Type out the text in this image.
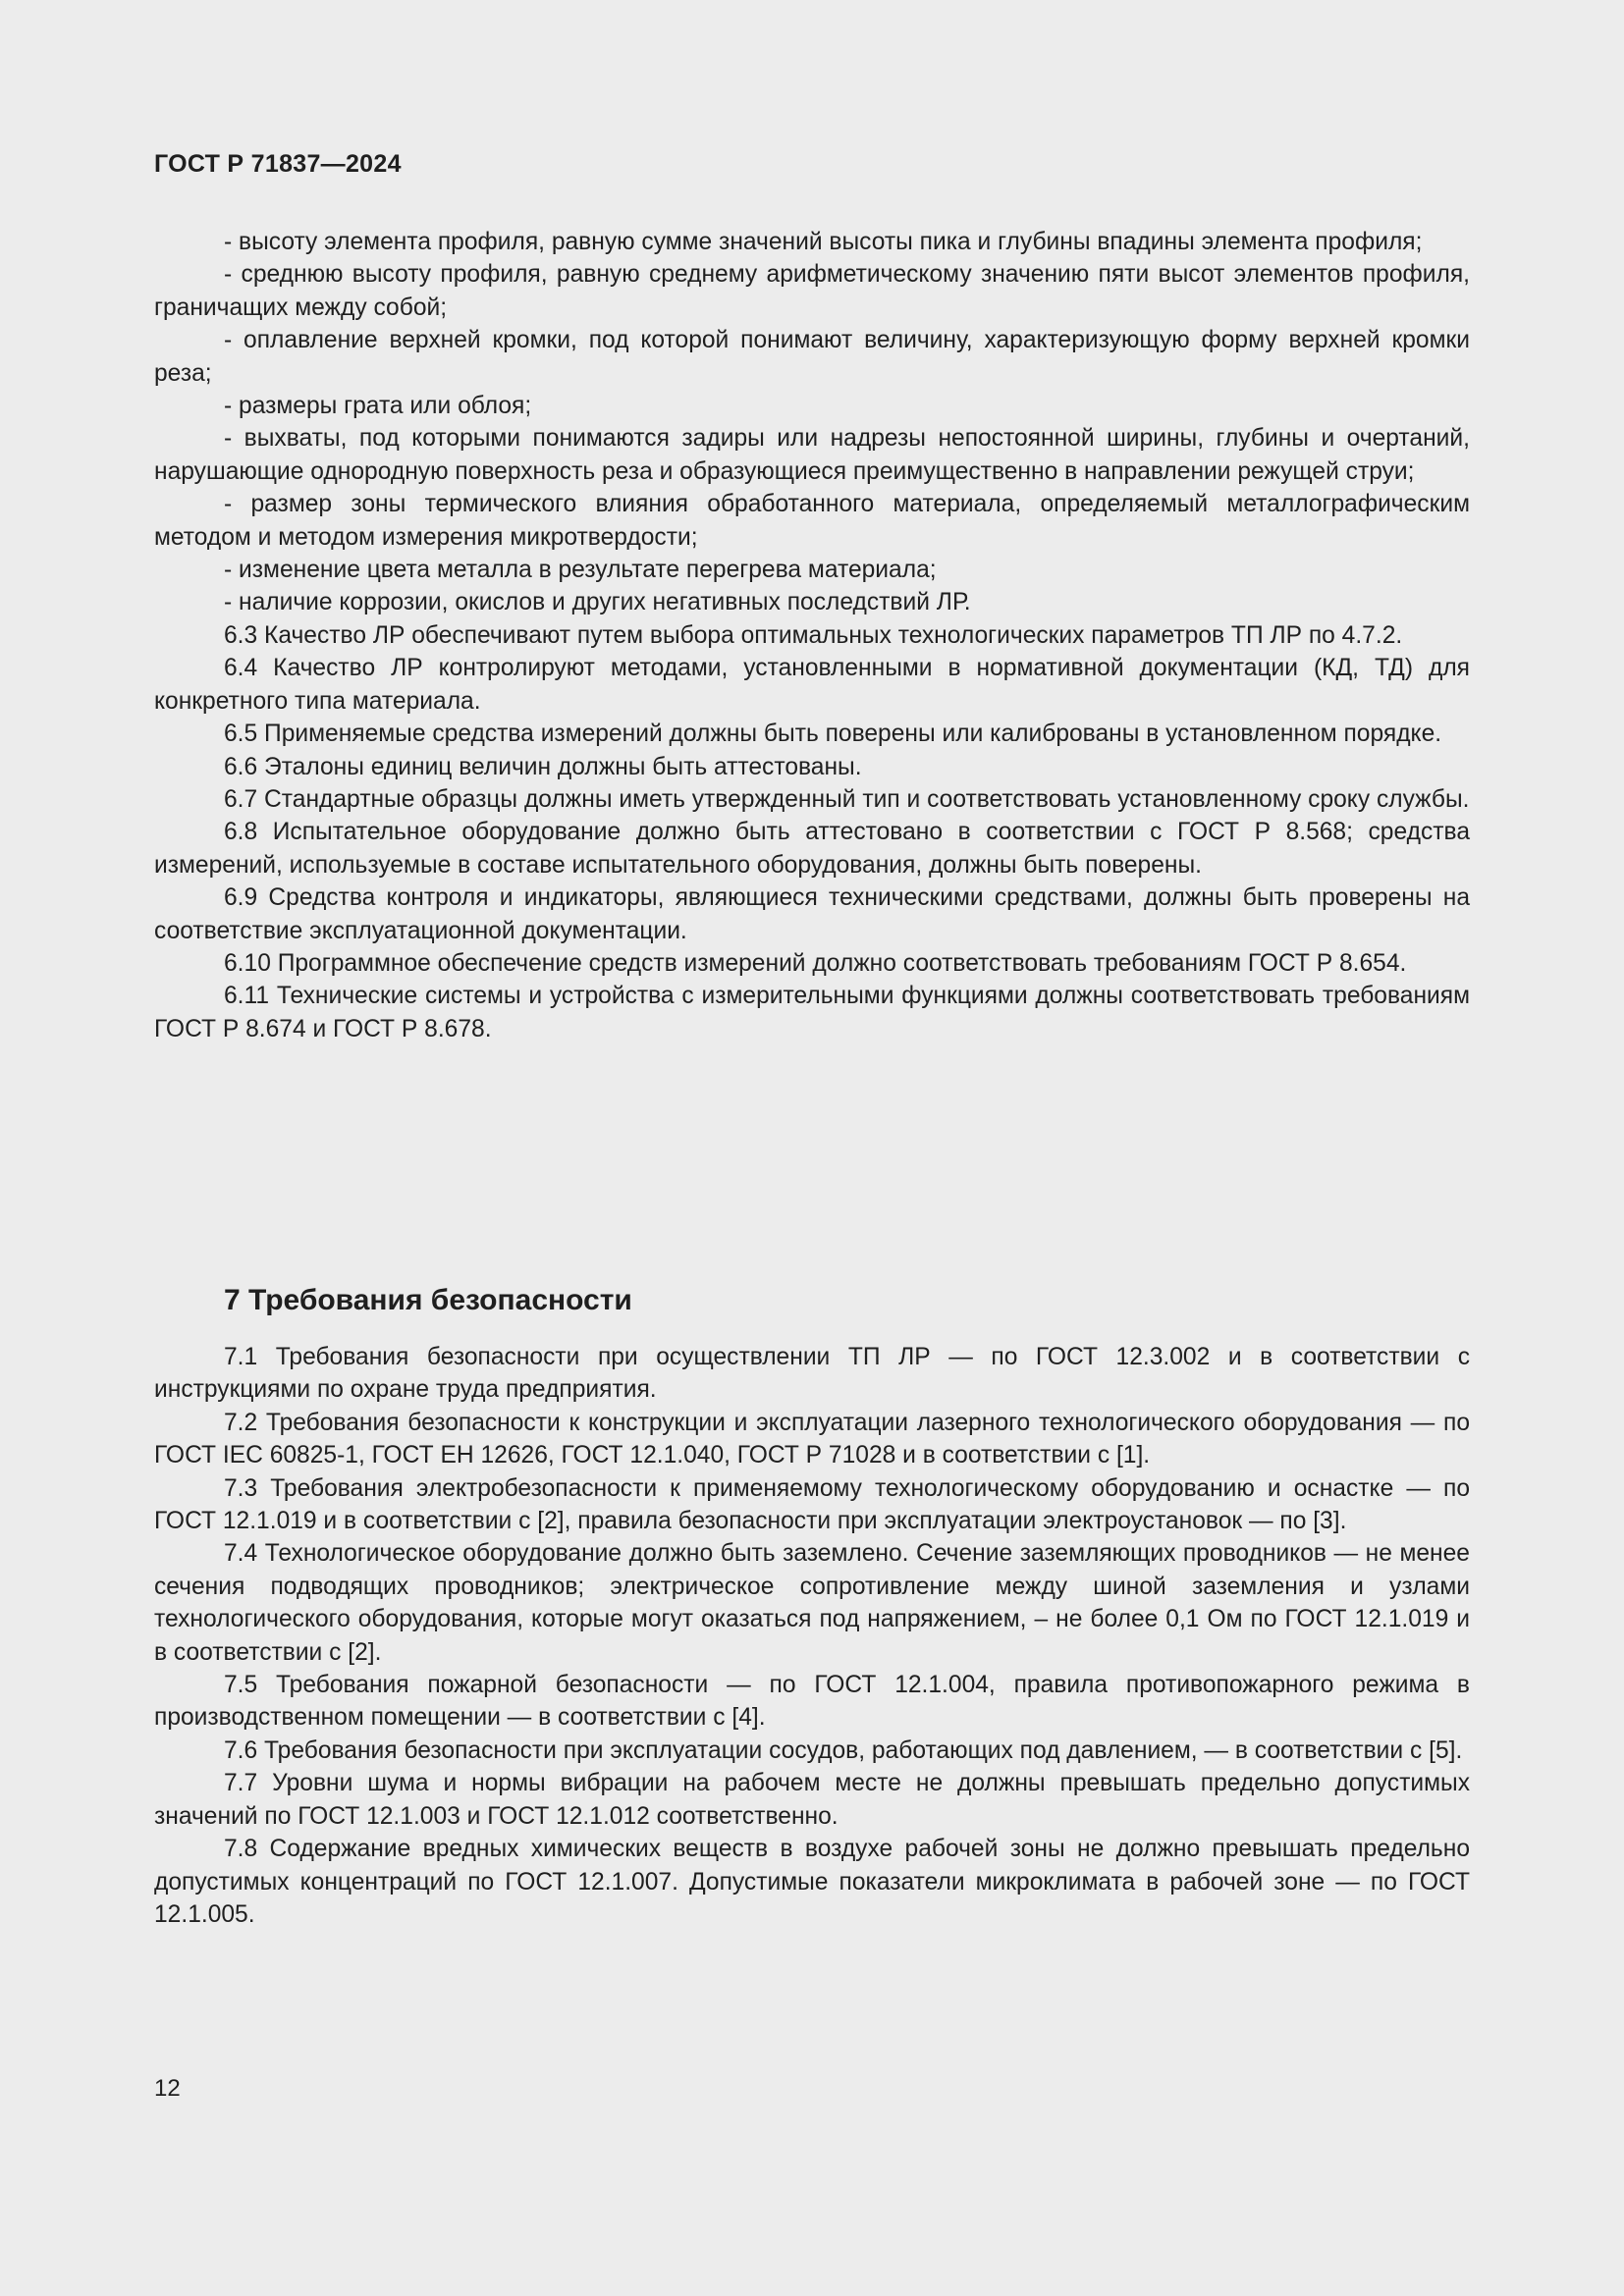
ГОСТ Р 71837—2024

- высоту элемента профиля, равную сумме значений высоты пика и глубины впадины элемента профиля;

- среднюю высоту профиля, равную среднему арифметическому значению пяти высот элементов профиля, граничащих между собой;

- оплавление верхней кромки, под которой понимают величину, характеризующую форму верхней кромки реза;

- размеры грата или облоя;

- выхваты, под которыми понимаются задиры или надрезы непостоянной ширины, глубины и очертаний, нарушающие однородную поверхность реза и образующиеся преимущественно в направлении режущей струи;

- размер зоны термического влияния обработанного материала, определяемый металлографическим методом и методом измерения микротвердости;

- изменение цвета металла в результате перегрева материала;

- наличие коррозии, окислов и других негативных последствий ЛР.

6.3 Качество ЛР обеспечивают путем выбора оптимальных технологических параметров ТП ЛР по 4.7.2.

6.4 Качество ЛР контролируют методами, установленными в нормативной документации (КД, ТД) для конкретного типа материала.

6.5 Применяемые средства измерений должны быть поверены или калиброваны в установленном порядке.

6.6 Эталоны единиц величин должны быть аттестованы.

6.7 Стандартные образцы должны иметь утвержденный тип и соответствовать установленному сроку службы.

6.8 Испытательное оборудование должно быть аттестовано в соответствии с ГОСТ Р 8.568; средства измерений, используемые в составе испытательного оборудования, должны быть поверены.

6.9 Средства контроля и индикаторы, являющиеся техническими средствами, должны быть проверены на соответствие эксплуатационной документации.

6.10 Программное обеспечение средств измерений должно соответствовать требованиям ГОСТ Р 8.654.

6.11 Технические системы и устройства с измерительными функциями должны соответствовать требованиям ГОСТ Р 8.674 и ГОСТ Р 8.678.

7 Требования безопасности

7.1 Требования безопасности при осуществлении ТП ЛР — по ГОСТ 12.3.002 и в соответствии с инструкциями по охране труда предприятия.

7.2 Требования безопасности к конструкции и эксплуатации лазерного технологического оборудования — по ГОСТ IEC 60825-1, ГОСТ ЕН 12626, ГОСТ 12.1.040, ГОСТ Р 71028 и в соответствии с [1].

7.3 Требования электробезопасности к применяемому технологическому оборудованию и оснастке — по ГОСТ 12.1.019 и в соответствии с [2], правила безопасности при эксплуатации электроустановок — по [3].

7.4 Технологическое оборудование должно быть заземлено. Сечение заземляющих проводников — не менее сечения подводящих проводников; электрическое сопротивление между шиной заземления и узлами технологического оборудования, которые могут оказаться под напряжением, – не более 0,1 Ом по ГОСТ 12.1.019 и в соответствии с [2].

7.5 Требования пожарной безопасности — по ГОСТ 12.1.004, правила противопожарного режима в производственном помещении — в соответствии с [4].

7.6 Требования безопасности при эксплуатации сосудов, работающих под давлением, — в соответствии с [5].

7.7 Уровни шума и нормы вибрации на рабочем месте не должны превышать предельно допустимых значений по ГОСТ 12.1.003 и ГОСТ 12.1.012 соответственно.

7.8 Содержание вредных химических веществ в воздухе рабочей зоны не должно превышать предельно допустимых концентраций по ГОСТ 12.1.007. Допустимые показатели микроклимата в рабочей зоне — по ГОСТ 12.1.005.

12
